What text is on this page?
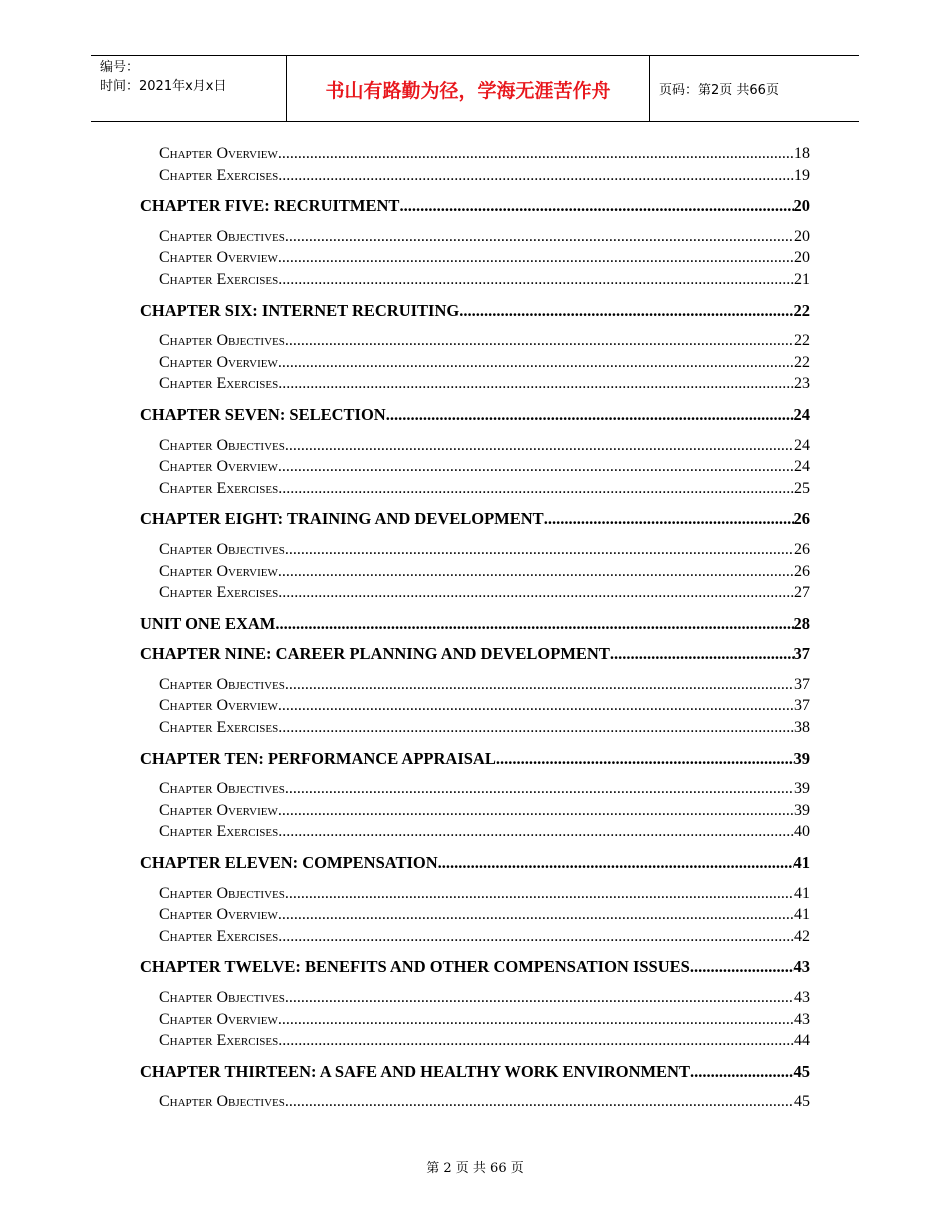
编号：
时间：2021年x月x日	书山有路勤为径，学海无涯苦作舟	页码：第2页 共66页
Chapter Overview .....	18
Chapter Exercises .....	19
CHAPTER FIVE: RECRUITMENT .....	20
Chapter Objectives .....	20
Chapter Overview .....	20
Chapter Exercises .....	21
CHAPTER SIX: INTERNET RECRUITING .....	22
Chapter Objectives .....	22
Chapter Overview .....	22
Chapter Exercises .....	23
CHAPTER SEVEN: SELECTION .....	24
Chapter Objectives .....	24
Chapter Overview .....	24
Chapter Exercises .....	25
CHAPTER EIGHT: TRAINING AND DEVELOPMENT .....	26
Chapter Objectives .....	26
Chapter Overview .....	26
Chapter Exercises .....	27
UNIT ONE EXAM .....	28
CHAPTER NINE: CAREER PLANNING AND DEVELOPMENT .....	37
Chapter Objectives .....	37
Chapter Overview .....	37
Chapter Exercises .....	38
CHAPTER TEN: PERFORMANCE APPRAISAL .....	39
Chapter Objectives .....	39
Chapter Overview .....	39
Chapter Exercises .....	40
CHAPTER ELEVEN: COMPENSATION .....	41
Chapter Objectives .....	41
Chapter Overview .....	41
Chapter Exercises .....	42
CHAPTER TWELVE: BENEFITS AND OTHER COMPENSATION ISSUES .....	43
Chapter Objectives .....	43
Chapter Overview .....	43
Chapter Exercises .....	44
CHAPTER THIRTEEN: A SAFE AND HEALTHY WORK ENVIRONMENT .....	45
Chapter Objectives .....	45
第 2 页 共 66 页
